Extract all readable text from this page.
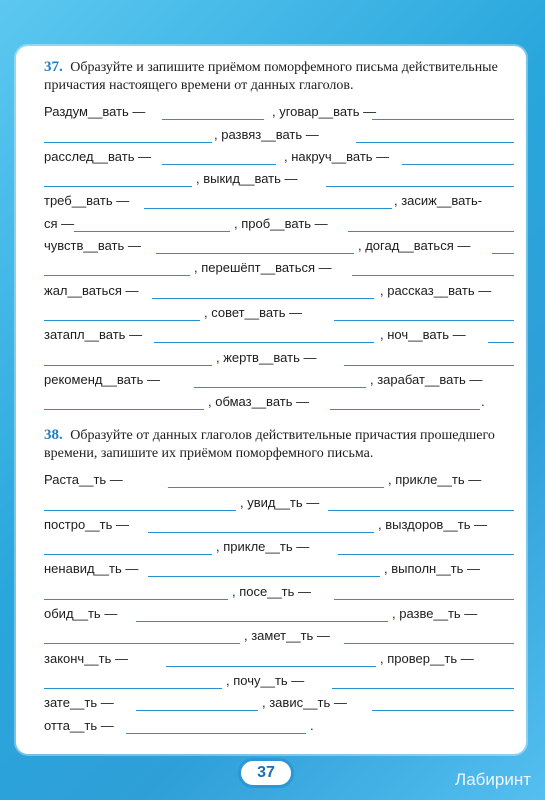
37. Образуйте и запишите приёмом поморфемного письма действительные причастия настоящего времени от данных глаголов.

Раздум__вать —	, уговар__вать —
, развяз__вать —
расслед__вать —	, накруч__вать —
, выкид__вать —
треб__вать —	, засиж__вать-
ся —	, проб__вать —
чувств__вать —	, догад__ваться —
, перешёпт__ваться —
жал__ваться —	, рассказ__вать —
, совет__вать —
затапл__вать —	, ноч__вать —
, жертв__вать —
рекоменд__вать —	, зарабат__вать —
, обмаз__вать —	.

38. Образуйте от данных глаголов действительные причастия прошедшего времени, запишите их приёмом поморфемного письма.

Раста__ть —	, прикле__ть —
, увид__ть —
постро__ть —	, выздоров__ть —
, прикле__ть —
ненавид__ть —	, выполн__ть —
, посе__ть —
обид__ть —	, разве__ть —
, замет__ть —
законч__ть —	, провер__ть —
, почу__ть —
зате__ть —	, завис__ть —
отта__ть —	.
37	Лабиринт
